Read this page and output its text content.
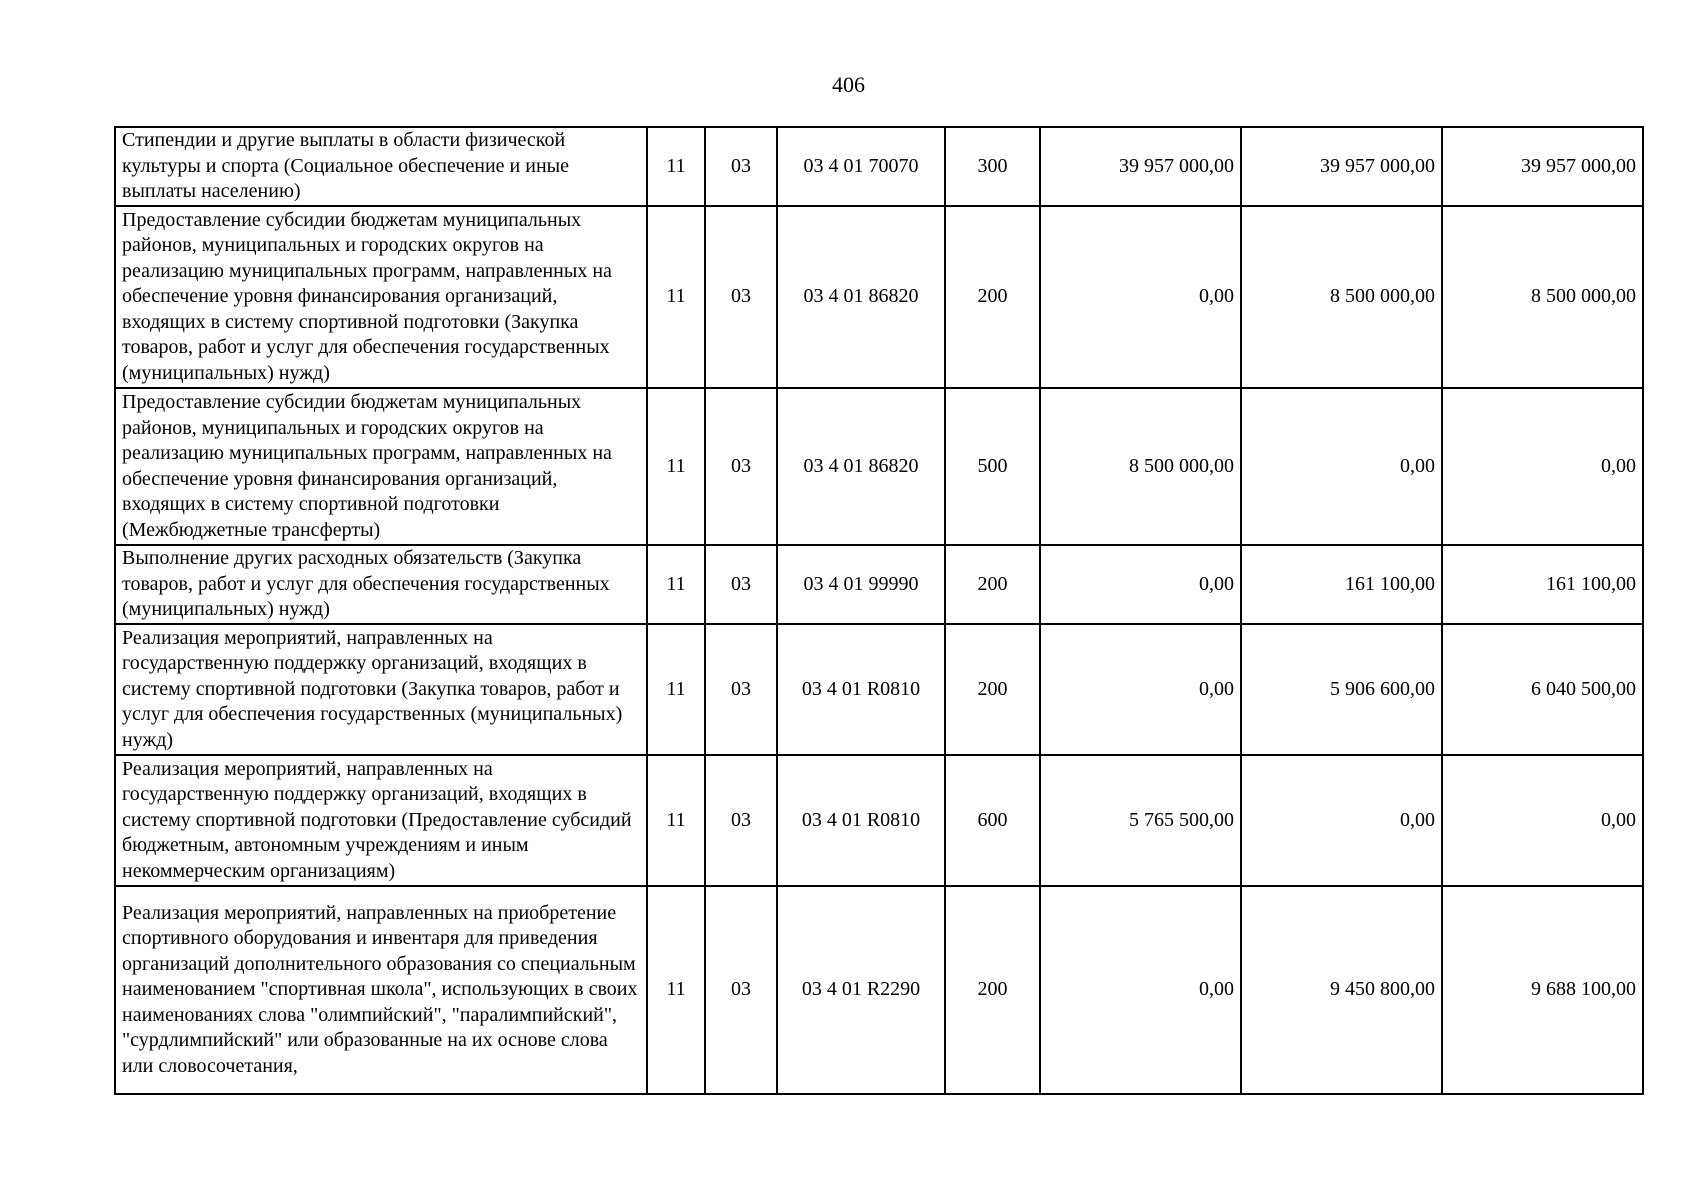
406
Стипендии и другие выплаты в области физической культуры и спорта (Социальное обеспечение и иные выплаты населению)	11	03	03 4 01 70070	300	39 957 000,00	39 957 000,00	39 957 000,00
Предоставление субсидии бюджетам муниципальных районов, муниципальных и городских округов на реализацию муниципальных программ, направленных на обеспечение уровня финансирования организаций, входящих в систему спортивной подготовки (Закупка товаров, работ и услуг для обеспечения государственных (муниципальных) нужд)	11	03	03 4 01 86820	200	0,00	8 500 000,00	8 500 000,00
Предоставление субсидии бюджетам муниципальных районов, муниципальных и городских округов на реализацию муниципальных программ, направленных на обеспечение уровня финансирования организаций, входящих в систему спортивной подготовки (Межбюджетные трансферты)	11	03	03 4 01 86820	500	8 500 000,00	0,00	0,00
Выполнение других расходных обязательств (Закупка товаров, работ и услуг для обеспечения государственных (муниципальных) нужд)	11	03	03 4 01 99990	200	0,00	161 100,00	161 100,00
Реализация мероприятий, направленных на государственную поддержку организаций, входящих в систему спортивной подготовки (Закупка товаров, работ и услуг для обеспечения государственных (муниципальных) нужд)	11	03	03 4 01 R0810	200	0,00	5 906 600,00	6 040 500,00
Реализация мероприятий, направленных на государственную поддержку организаций, входящих в систему спортивной подготовки (Предоставление субсидий бюджетным, автономным учреждениям и иным некоммерческим организациям)	11	03	03 4 01 R0810	600	5 765 500,00	0,00	0,00
Реализация мероприятий, направленных на приобретение спортивного оборудования и инвентаря для приведения организаций дополнительного образования со специальным наименованием "спортивная школа", использующих в своих наименованиях слова "олимпийский", "паралимпийский", "сурдлимпийский" или образованные на их основе слова или словосочетания,	11	03	03 4 01 R2290	200	0,00	9 450 800,00	9 688 100,00
